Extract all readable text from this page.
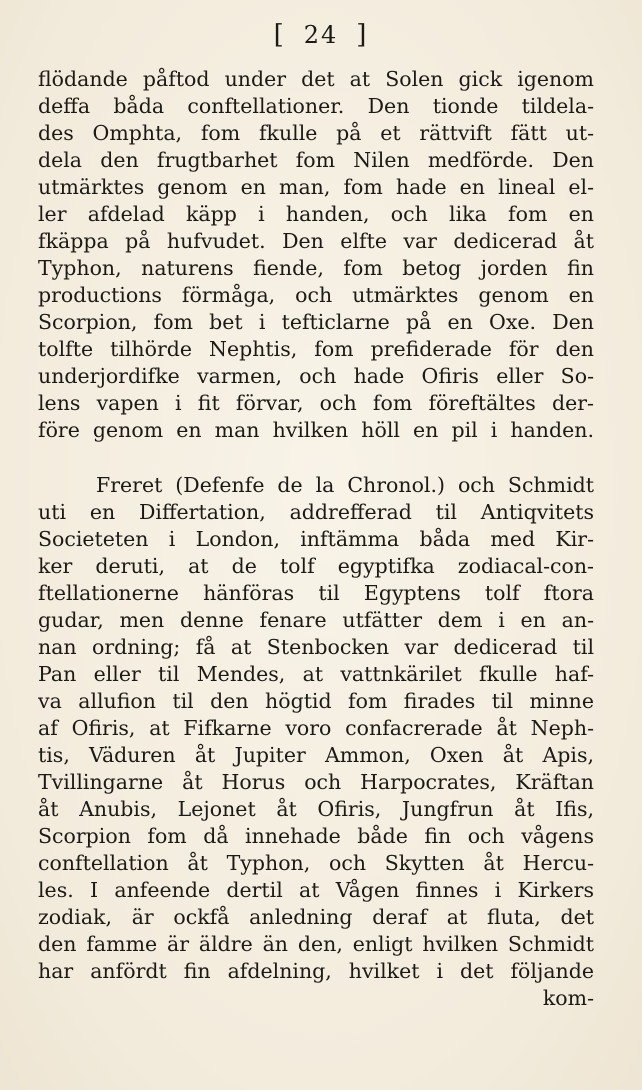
[ 24 ]
flödande påftod under det at Solen gick igenom
deffa båda conftellationer. Den tionde tildela-
des Omphta, fom fkulle på et rättvift fätt ut-
dela den frugtbarhet fom Nilen medförde. Den
utmärktes genom en man, fom hade en lineal el-
ler afdelad käpp i handen, och lika fom en
fkäppa på hufvudet. Den elfte var dedicerad åt
Typhon, naturens fiende, fom betog jorden fin
productions förmåga, och utmärktes genom en
Scorpion, fom bet i tefticlarne på en Oxe. Den
tolfte tilhörde Nephtis, fom prefiderade för den
underjordifke varmen, och hade Ofiris eller So-
lens vapen i fit förvar, och fom föreftältes der-
före genom en man hvilken höll en pil i handen.
Freret (Defenfe de la Chronol.) och Schmidt
uti en Differtation, addrefferad til Antiqvitets
Societeten i London, inftämma båda med Kir-
ker deruti, at de tolf egyptifka zodiacal-con-
ftellationerne hänföras til Egyptens tolf ftora
gudar, men denne fenare utfätter dem i en an-
nan ordning; få at Stenbocken var dedicerad til
Pan eller til Mendes, at vattnkärilet fkulle haf-
va allufion til den högtid fom firades til minne
af Ofiris, at Fifkarne voro confacrerade åt Neph-
tis, Väduren åt Jupiter Ammon, Oxen åt Apis,
Tvillingarne åt Horus och Harpocrates, Kräftan
åt Anubis, Lejonet åt Ofiris, Jungfrun åt Ifis,
Scorpion fom då innehade både fin och vågens
conftellation åt Typhon, och Skytten åt Hercu-
les. I anfeende dertil at Vågen finnes i Kirkers
zodiak, är ockfå anledning deraf at fluta, det
den famme är äldre än den, enligt hvilken Schmidt
har anfördt fin afdelning, hvilket i det följande
kom-
